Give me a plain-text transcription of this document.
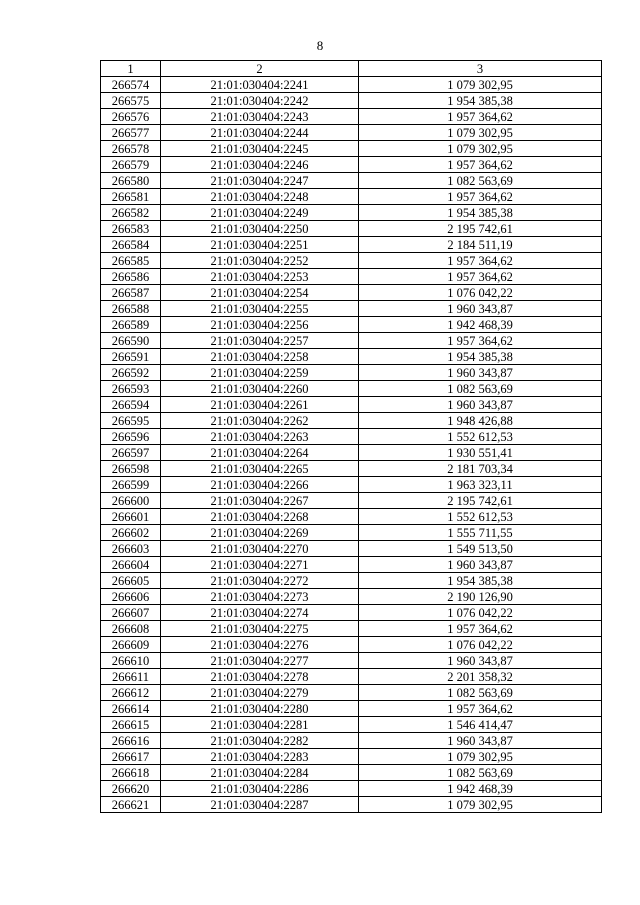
8
1	2	3
266574	21:01:030404:2241	1 079 302,95
266575	21:01:030404:2242	1 954 385,38
266576	21:01:030404:2243	1 957 364,62
266577	21:01:030404:2244	1 079 302,95
266578	21:01:030404:2245	1 079 302,95
266579	21:01:030404:2246	1 957 364,62
266580	21:01:030404:2247	1 082 563,69
266581	21:01:030404:2248	1 957 364,62
266582	21:01:030404:2249	1 954 385,38
266583	21:01:030404:2250	2 195 742,61
266584	21:01:030404:2251	2 184 511,19
266585	21:01:030404:2252	1 957 364,62
266586	21:01:030404:2253	1 957 364,62
266587	21:01:030404:2254	1 076 042,22
266588	21:01:030404:2255	1 960 343,87
266589	21:01:030404:2256	1 942 468,39
266590	21:01:030404:2257	1 957 364,62
266591	21:01:030404:2258	1 954 385,38
266592	21:01:030404:2259	1 960 343,87
266593	21:01:030404:2260	1 082 563,69
266594	21:01:030404:2261	1 960 343,87
266595	21:01:030404:2262	1 948 426,88
266596	21:01:030404:2263	1 552 612,53
266597	21:01:030404:2264	1 930 551,41
266598	21:01:030404:2265	2 181 703,34
266599	21:01:030404:2266	1 963 323,11
266600	21:01:030404:2267	2 195 742,61
266601	21:01:030404:2268	1 552 612,53
266602	21:01:030404:2269	1 555 711,55
266603	21:01:030404:2270	1 549 513,50
266604	21:01:030404:2271	1 960 343,87
266605	21:01:030404:2272	1 954 385,38
266606	21:01:030404:2273	2 190 126,90
266607	21:01:030404:2274	1 076 042,22
266608	21:01:030404:2275	1 957 364,62
266609	21:01:030404:2276	1 076 042,22
266610	21:01:030404:2277	1 960 343,87
266611	21:01:030404:2278	2 201 358,32
266612	21:01:030404:2279	1 082 563,69
266614	21:01:030404:2280	1 957 364,62
266615	21:01:030404:2281	1 546 414,47
266616	21:01:030404:2282	1 960 343,87
266617	21:01:030404:2283	1 079 302,95
266618	21:01:030404:2284	1 082 563,69
266620	21:01:030404:2286	1 942 468,39
266621	21:01:030404:2287	1 079 302,95
